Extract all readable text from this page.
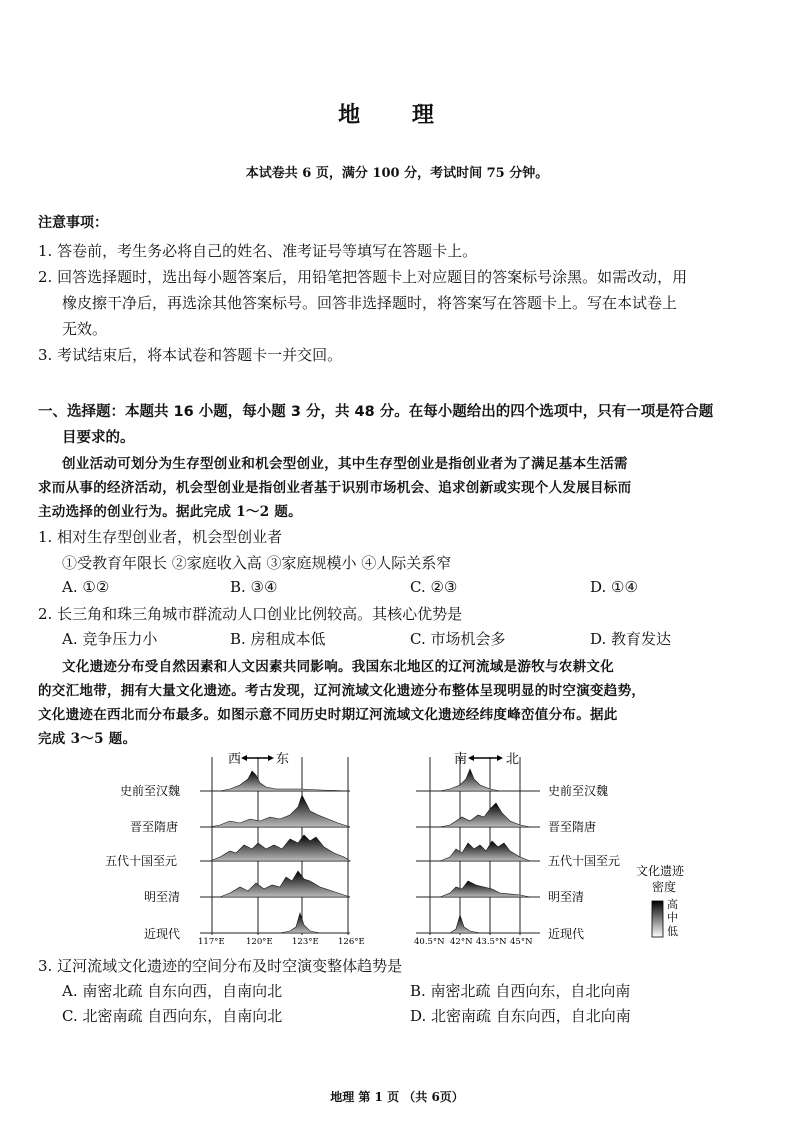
地 理
本试卷共 6 页，满分 100 分，考试时间 75 分钟。
注意事项：
1. 答卷前，考生务必将自己的姓名、准考证号等填写在答题卡上。
2. 回答选择题时，选出每小题答案后，用铅笔把答题卡上对应题目的答案标号涂黑。如需改动，用
橡皮擦干净后，再选涂其他答案标号。回答非选择题时，将答案写在答题卡上。写在本试卷上
无效。
3. 考试结束后，将本试卷和答题卡一并交回。
一、选择题：本题共 16 小题，每小题 3 分，共 48 分。在每小题给出的四个选项中，只有一项是符合题
目要求的。
创业活动可划分为生存型创业和机会型创业，其中生存型创业是指创业者为了满足基本生活需
求而从事的经济活动，机会型创业是指创业者基于识别市场机会、追求创新或实现个人发展目标而
主动选择的创业行为。据此完成 1～2 题。
1. 相对生存型创业者，机会型创业者
①受教育年限长 ②家庭收入高 ③家庭规模小 ④人际关系窄
A. ①②	B. ③④	C. ②③	D. ①④
2. 长三角和珠三角城市群流动人口创业比例较高。其核心优势是
A. 竞争压力小	B. 房租成本低	C. 市场机会多	D. 教育发达
文化遗迹分布受自然因素和人文因素共同影响。我国东北地区的辽河流域是游牧与农耕文化
的交汇地带，拥有大量文化遗迹。考古发现，辽河流域文化遗迹分布整体呈现明显的时空演变趋势，
文化遗迹在西北而分布最多。如图示意不同历史时期辽河流域文化遗迹经纬度峰峦值分布。据此
完成 3～5 题。
西	东
史前至汉魏
晋至隋唐
五代十国至元
明至清
近现代
117°E	120°E 123°E 126°E
南	北
史前至汉魏
晋至隋唐
五代十国至元
明至清
近现代
40.5°N 42°N 43.5°N 45°N
文化遗迹
密度
高
中
低
3. 辽河流域文化遗迹的空间分布及时空演变整体趋势是
A. 南密北疏 自东向西，自南向北	B. 南密北疏 自西向东，自北向南
C. 北密南疏 自西向东，自南向北	D. 北密南疏 自东向西，自北向南
地理 第 1 页 （共 6页）
